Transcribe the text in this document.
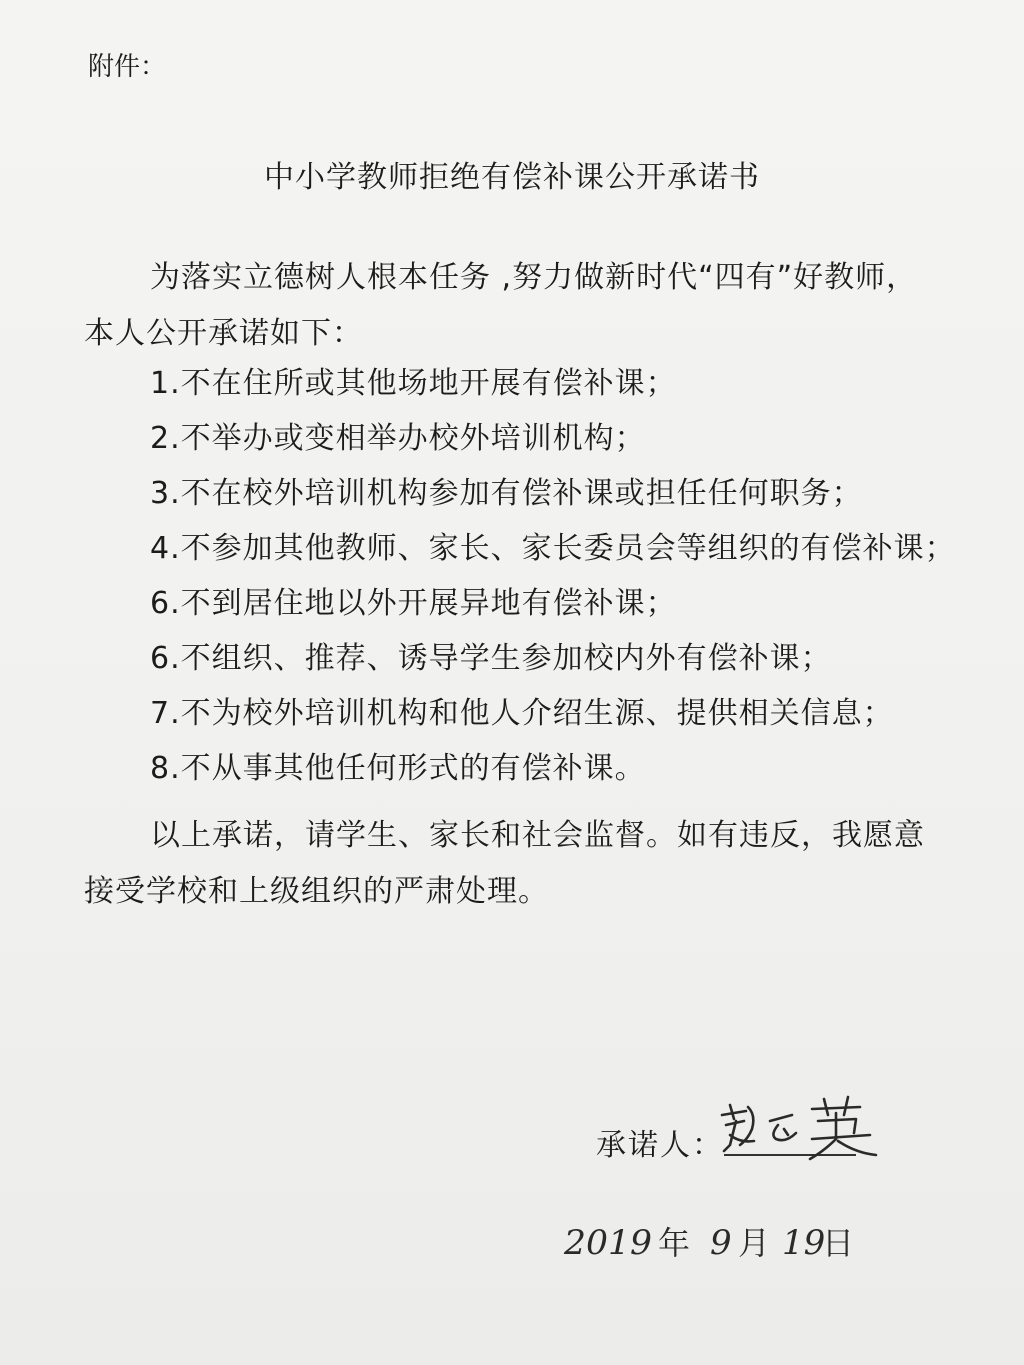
附件：
中小学教师拒绝有偿补课公开承诺书
为落实立德树人根本任务 ,努力做新时代“四有”好教师，
本人公开承诺如下：
1.不在住所或其他场地开展有偿补课；
2.不举办或变相举办校外培训机构；
3.不在校外培训机构参加有偿补课或担任任何职务；
4.不参加其他教师、家长、家长委员会等组织的有偿补课；
6.不到居住地以外开展异地有偿补课；
6.不组织、推荐、诱导学生参加校内外有偿补课；
7.不为校外培训机构和他人介绍生源、提供相关信息；
8.不从事其他任何形式的有偿补课。
以上承诺，请学生、家长和社会监督。如有违反，我愿意
接受学校和上级组织的严肃处理。
承诺人：
2019 年 9 月 19
日
